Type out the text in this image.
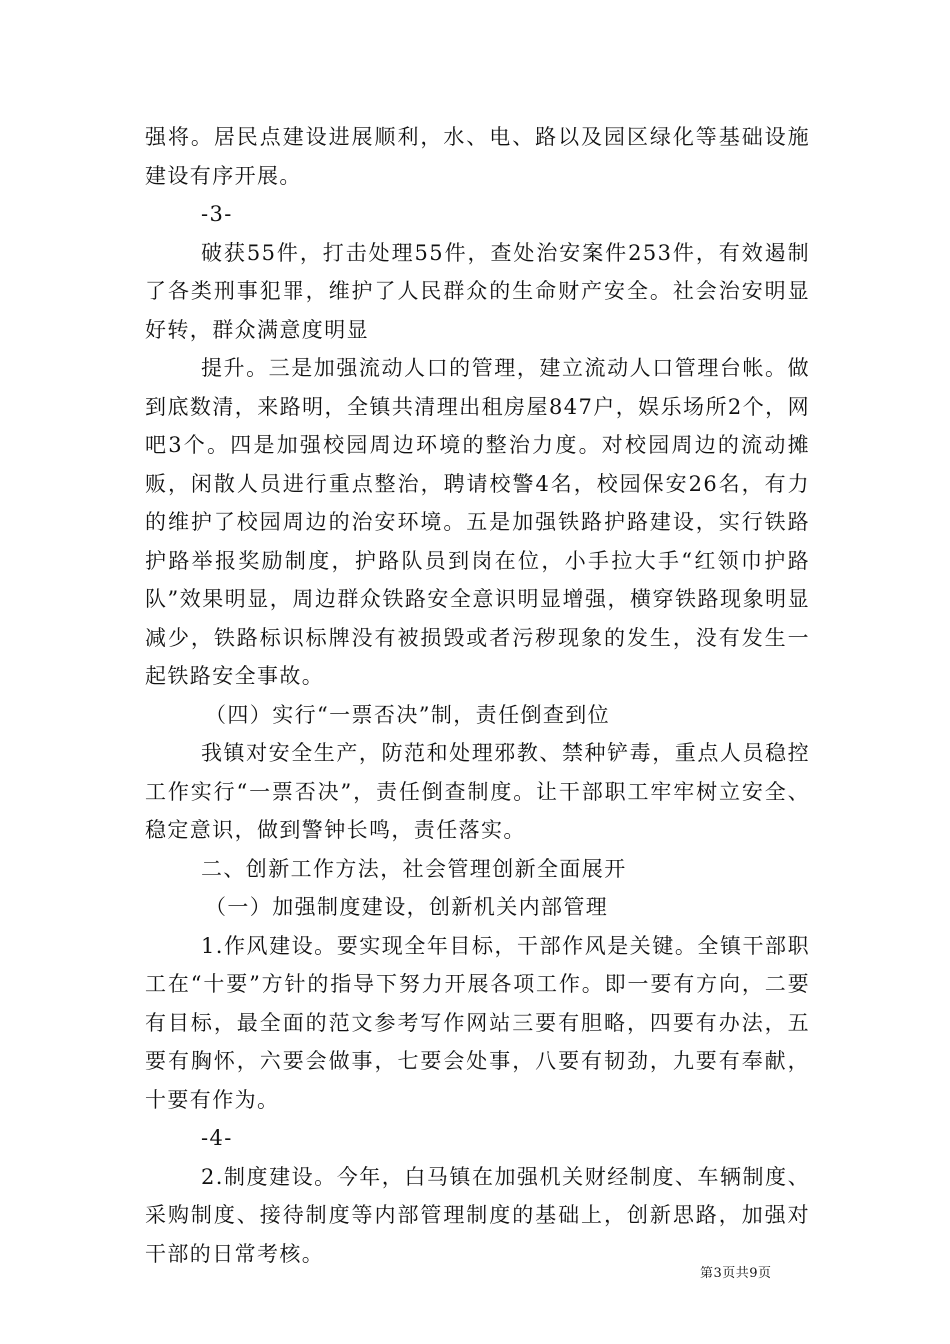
强将。居民点建设进展顺利，水、电、路以及园区绿化等基础设施建设有序开展。

-3-

破获55件，打击处理55件，查处治安案件253件，有效遏制了各类刑事犯罪，维护了人民群众的生命财产安全。社会治安明显好转，群众满意度明显

提升。三是加强流动人口的管理，建立流动人口管理台帐。做到底数清，来路明，全镇共清理出租房屋847户，娱乐场所2个，网吧3个。四是加强校园周边环境的整治力度。对校园周边的流动摊贩，闲散人员进行重点整治，聘请校警4名，校园保安26名，有力的维护了校园周边的治安环境。五是加强铁路护路建设，实行铁路护路举报奖励制度，护路队员到岗在位，小手拉大手“红领巾护路队”效果明显，周边群众铁路安全意识明显增强，横穿铁路现象明显减少，铁路标识标牌没有被损毁或者污秽现象的发生，没有发生一起铁路安全事故。

（四）实行“一票否决”制，责任倒查到位

我镇对安全生产，防范和处理邪教、禁种铲毒，重点人员稳控工作实行“一票否决”，责任倒查制度。让干部职工牢牢树立安全、稳定意识，做到警钟长鸣，责任落实。

二、创新工作方法，社会管理创新全面展开

（一）加强制度建设，创新机关内部管理

1.作风建设。要实现全年目标，干部作风是关键。全镇干部职工在“十要”方针的指导下努力开展各项工作。即一要有方向，二要有目标，最全面的范文参考写作网站三要有胆略，四要有办法，五要有胸怀，六要会做事，七要会处事，八要有韧劲，九要有奉献，十要有作为。

-4-

2.制度建设。今年，白马镇在加强机关财经制度、车辆制度、采购制度、接待制度等内部管理制度的基础上，创新思路，加强对干部的日常考核。

第3页共9页
